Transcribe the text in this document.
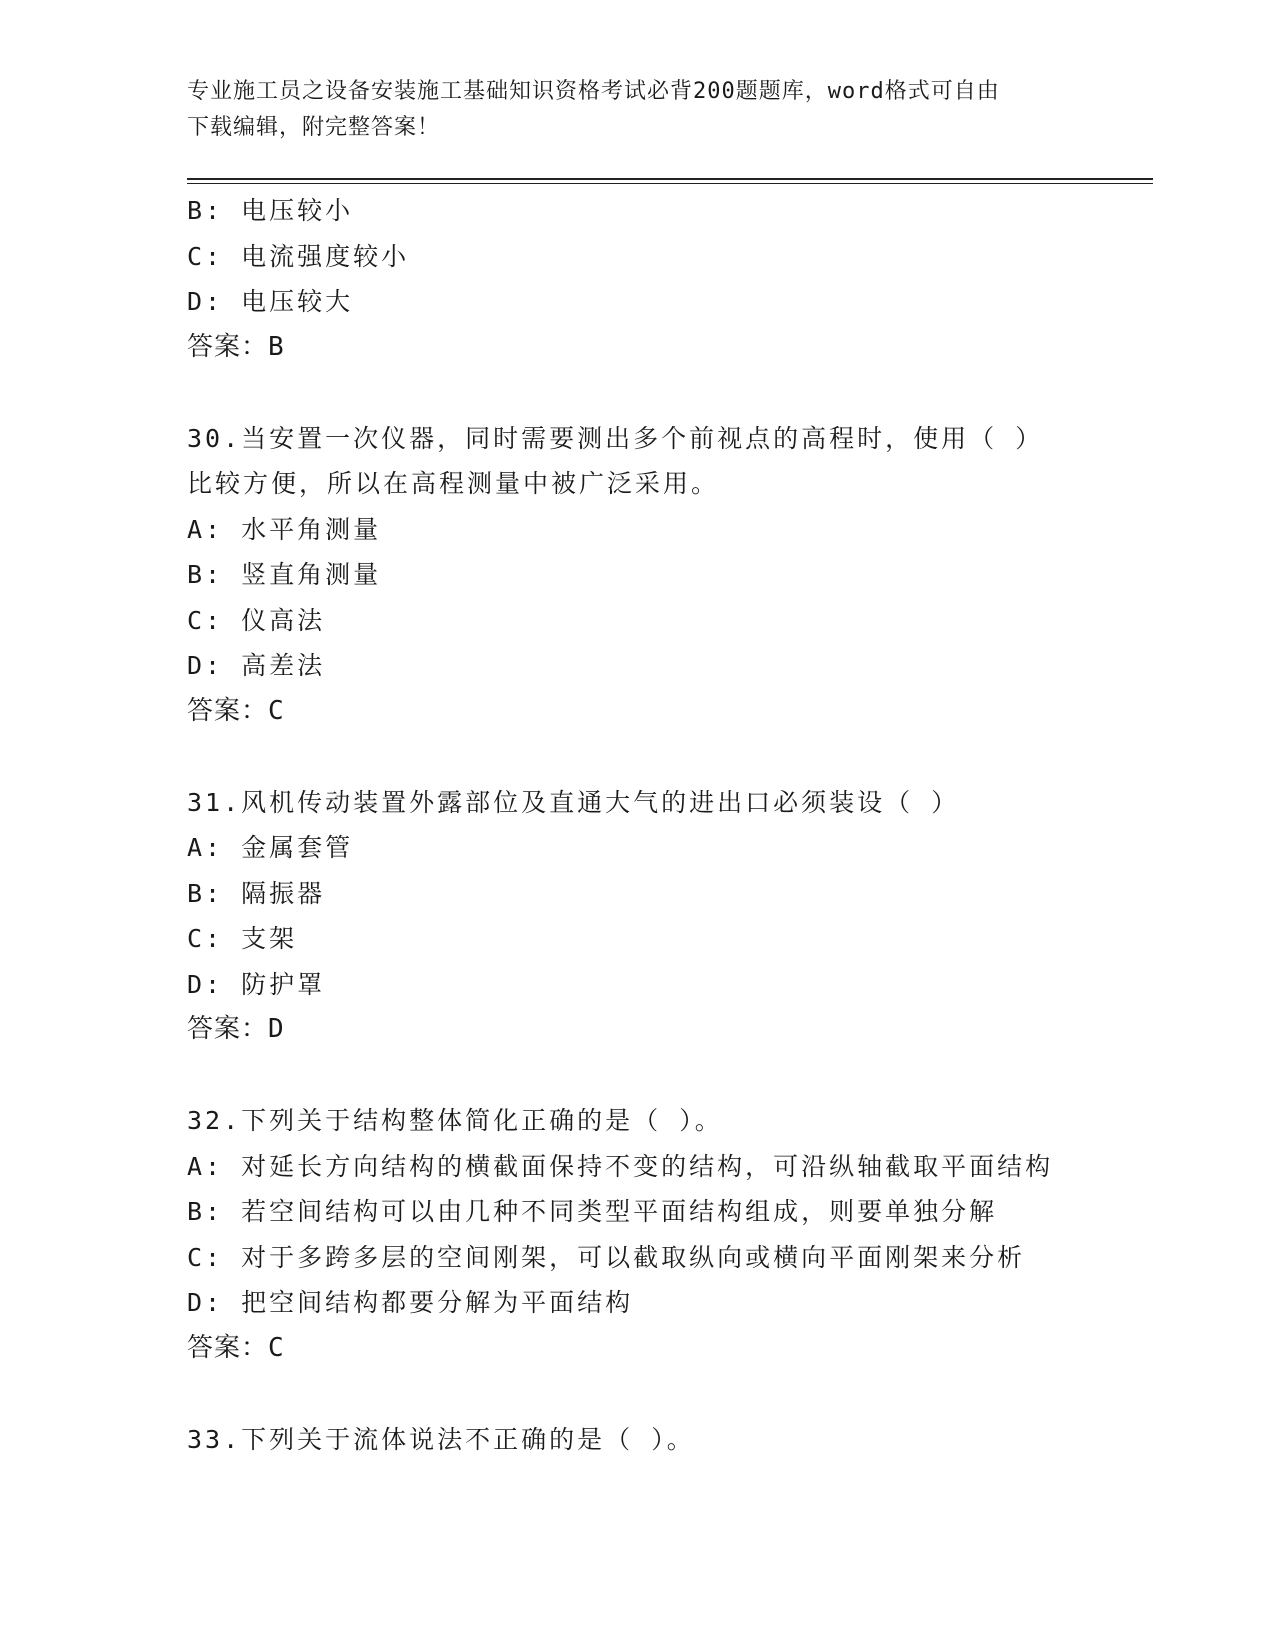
专业施工员之设备安装施工基础知识资格考试必背200题题库，word格式可自由
下载编辑，附完整答案！
B: 电压较小
C: 电流强度较小
D: 电压较大
答案：B
30.当安置一次仪器，同时需要测出多个前视点的高程时，使用（ ）
比较方便，所以在高程测量中被广泛采用。
A: 水平角测量
B: 竖直角测量
C: 仪高法
D: 高差法
答案：C
31.风机传动装置外露部位及直通大气的进出口必须装设（ ）
A: 金属套管
B: 隔振器
C: 支架
D: 防护罩
答案：D
32.下列关于结构整体简化正确的是（ ）。
A: 对延长方向结构的横截面保持不变的结构，可沿纵轴截取平面结构
B: 若空间结构可以由几种不同类型平面结构组成，则要单独分解
C: 对于多跨多层的空间刚架，可以截取纵向或横向平面刚架来分析
D: 把空间结构都要分解为平面结构
答案：C
33.下列关于流体说法不正确的是（ ）。
